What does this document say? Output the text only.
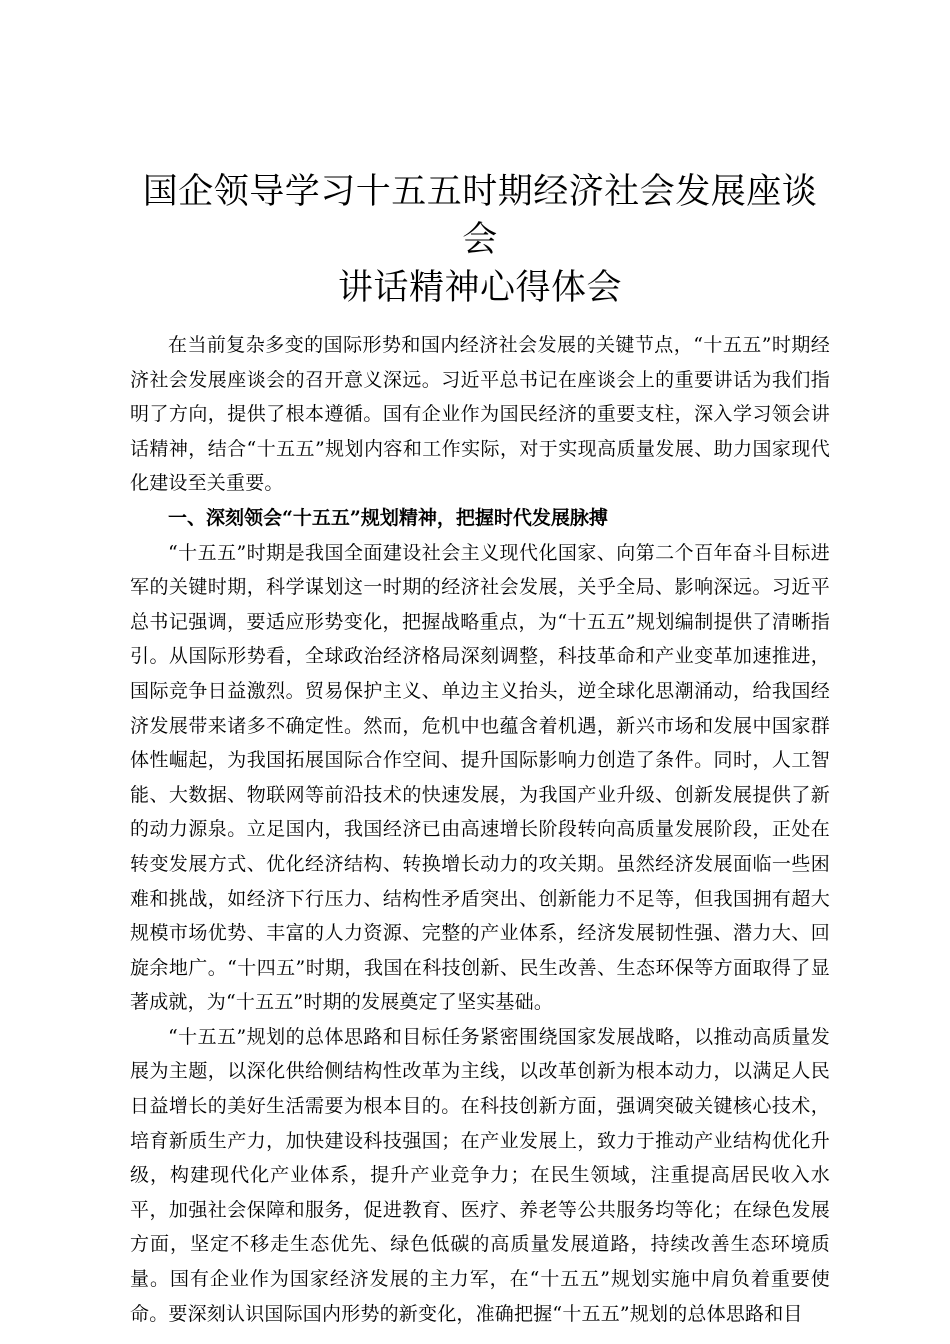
国企领导学习十五五时期经济社会发展座谈会
讲话精神心得体会

在当前复杂多变的国际形势和国内经济社会发展的关键节点，“十五五”时期经济社会发展座谈会的召开意义深远。习近平总书记在座谈会上的重要讲话为我们指明了方向，提供了根本遵循。国有企业作为国民经济的重要支柱，深入学习领会讲话精神，结合“十五五”规划内容和工作实际，对于实现高质量发展、助力国家现代化建设至关重要。

一、深刻领会“十五五”规划精神，把握时代发展脉搏

“十五五”时期是我国全面建设社会主义现代化国家、向第二个百年奋斗目标进军的关键时期，科学谋划这一时期的经济社会发展，关乎全局、影响深远。习近平总书记强调，要适应形势变化，把握战略重点，为“十五五”规划编制提供了清晰指引。从国际形势看，全球政治经济格局深刻调整，科技革命和产业变革加速推进，国际竞争日益激烈。贸易保护主义、单边主义抬头，逆全球化思潮涌动，给我国经济发展带来诸多不确定性。然而，危机中也蕴含着机遇，新兴市场和发展中国家群体性崛起，为我国拓展国际合作空间、提升国际影响力创造了条件。同时，人工智能、大数据、物联网等前沿技术的快速发展，为我国产业升级、创新发展提供了新的动力源泉。立足国内，我国经济已由高速增长阶段转向高质量发展阶段，正处在转变发展方式、优化经济结构、转换增长动力的攻关期。虽然经济发展面临一些困难和挑战，如经济下行压力、结构性矛盾突出、创新能力不足等，但我国拥有超大规模市场优势、丰富的人力资源、完整的产业体系，经济发展韧性强、潜力大、回旋余地广。“十四五”时期，我国在科技创新、民生改善、生态环保等方面取得了显著成就，为“十五五”时期的发展奠定了坚实基础。

“十五五”规划的总体思路和目标任务紧密围绕国家发展战略，以推动高质量发展为主题，以深化供给侧结构性改革为主线，以改革创新为根本动力，以满足人民日益增长的美好生活需要为根本目的。在科技创新方面，强调突破关键核心技术，培育新质生产力，加快建设科技强国；在产业发展上，致力于推动产业结构优化升级，构建现代化产业体系，提升产业竞争力；在民生领域，注重提高居民收入水平，加强社会保障和服务，促进教育、医疗、养老等公共服务均等化；在绿色发展方面，坚定不移走生态优先、绿色低碳的高质量发展道路，持续改善生态环境质量。国有企业作为国家经济发展的主力军，在“十五五”规划实施中肩负着重要使命。要深刻认识国际国内形势的新变化，准确把握“十五五”规划的总体思路和目
